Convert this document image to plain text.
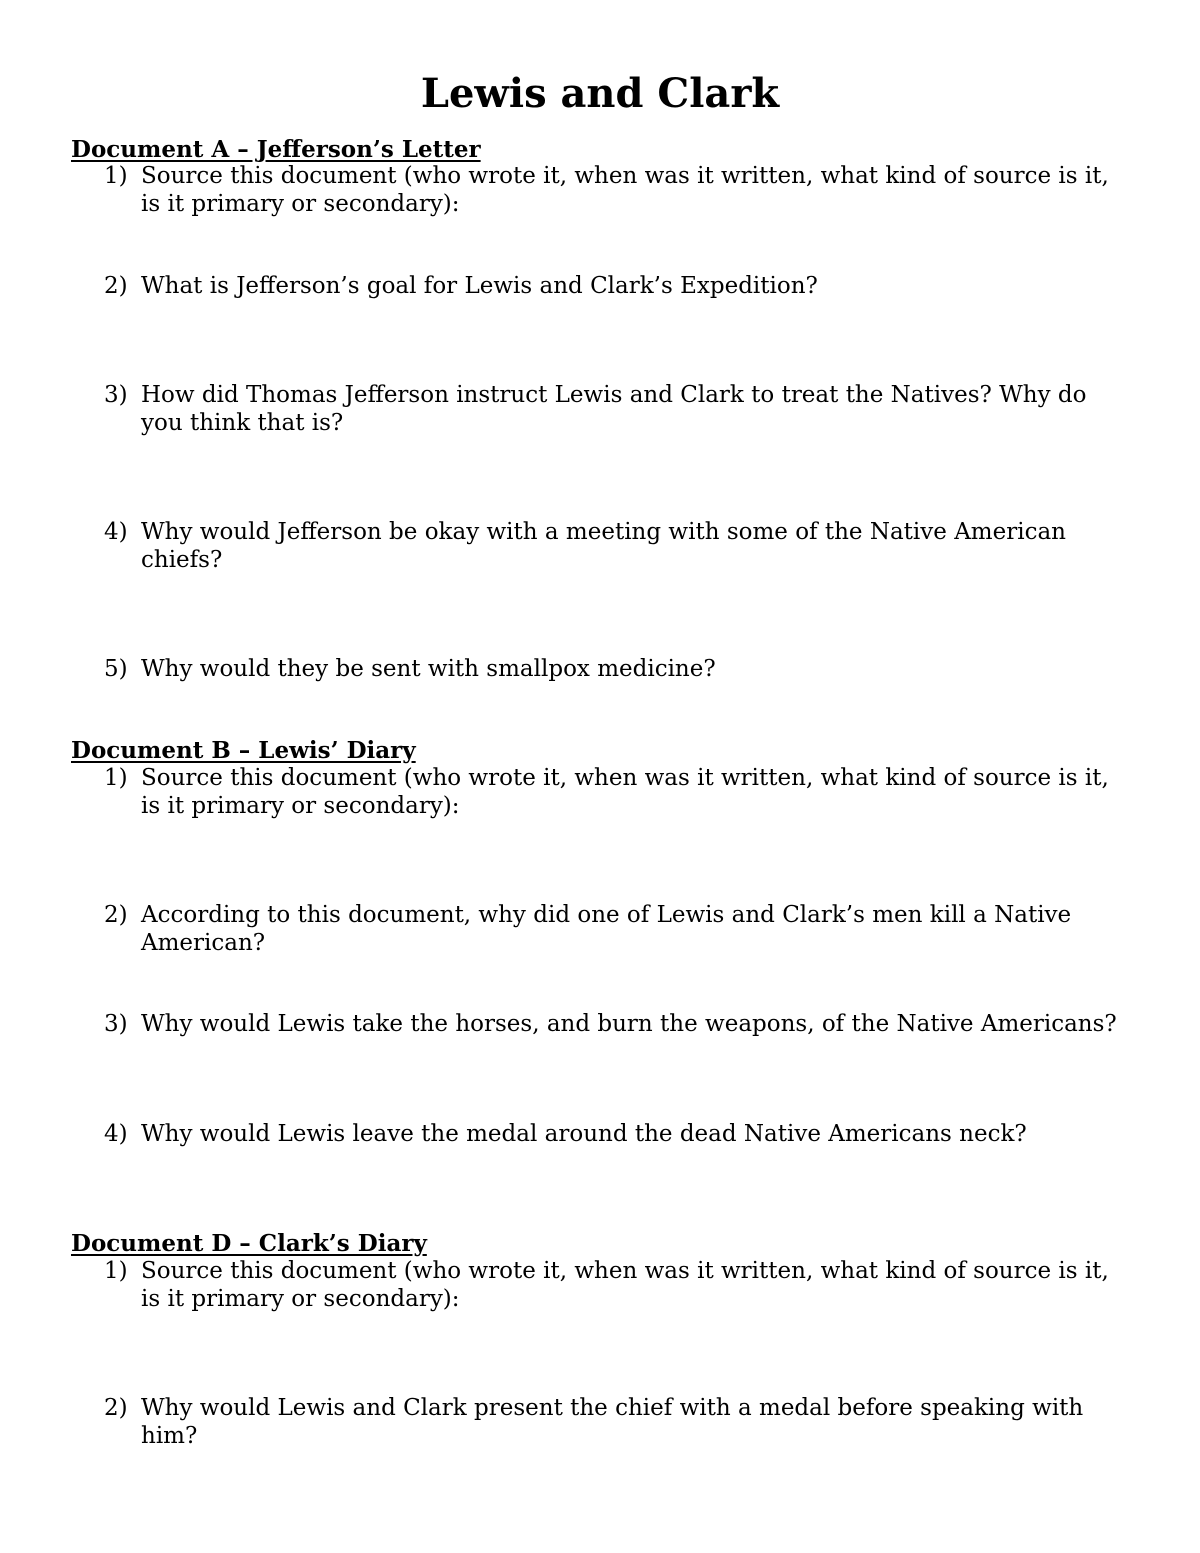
Lewis and Clark
Document A – Jefferson’s Letter
1) Source this document (who wrote it, when was it written, what kind of source is it, is it primary or secondary):
2) What is Jefferson’s goal for Lewis and Clark’s Expedition?
3) How did Thomas Jefferson instruct Lewis and Clark to treat the Natives? Why do you think that is?
4) Why would Jefferson be okay with a meeting with some of the Native American chiefs?
5) Why would they be sent with smallpox medicine?
Document B – Lewis’ Diary
1) Source this document (who wrote it, when was it written, what kind of source is it, is it primary or secondary):
2) According to this document, why did one of Lewis and Clark’s men kill a Native American?
3) Why would Lewis take the horses, and burn the weapons, of the Native Americans?
4) Why would Lewis leave the medal around the dead Native Americans neck?
Document D – Clark’s Diary
1) Source this document (who wrote it, when was it written, what kind of source is it, is it primary or secondary):
2) Why would Lewis and Clark present the chief with a medal before speaking with him?
